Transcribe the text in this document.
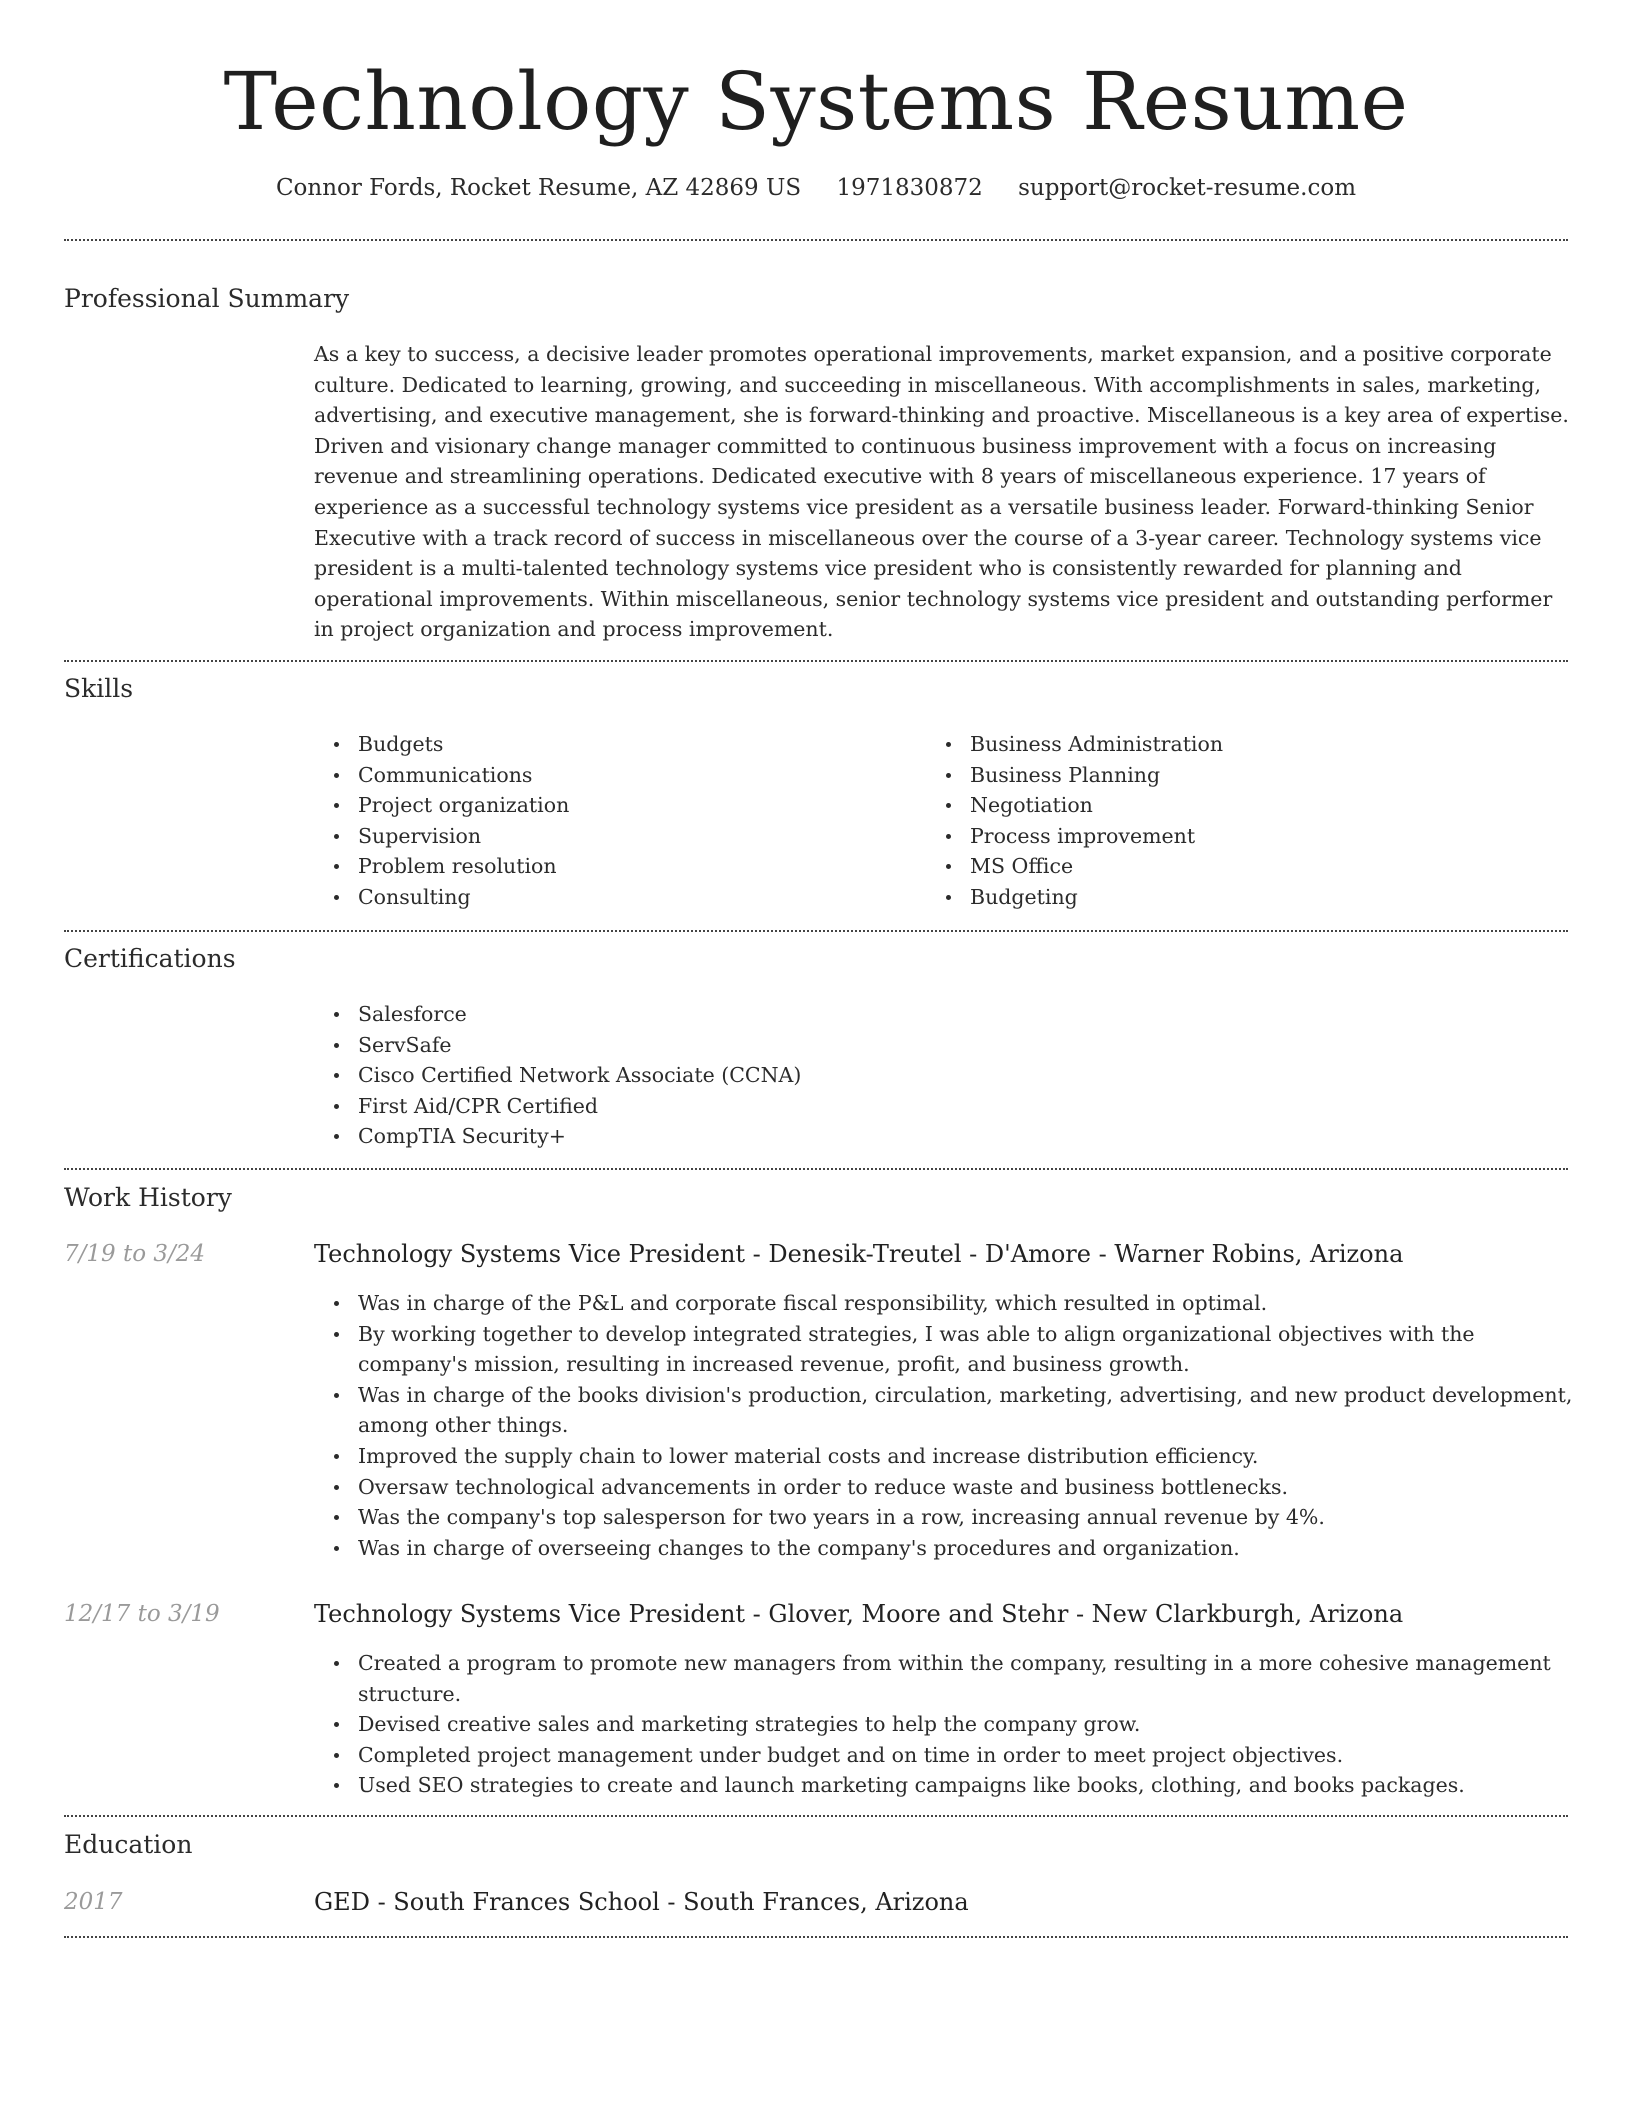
Technology Systems Resume
Connor Fords, Rocket Resume, AZ 42869 US 1971830872 support@rocket-resume.com
Professional Summary

As a key to success, a decisive leader promotes operational improvements, market expansion, and a positive corporate culture. Dedicated to learning, growing, and succeeding in miscellaneous. With accomplishments in sales, marketing, advertising, and executive management, she is forward-thinking and proactive. Miscellaneous is a key area of expertise. Driven and visionary change manager committed to continuous business improvement with a focus on increasing revenue and streamlining operations. Dedicated executive with 8 years of miscellaneous experience. 17 years of experience as a successful technology systems vice president as a versatile business leader. Forward-thinking Senior Executive with a track record of success in miscellaneous over the course of a 3-year career. Technology systems vice president is a multi-talented technology systems vice president who is consistently rewarded for planning and operational improvements. Within miscellaneous, senior technology systems vice president and outstanding performer in project organization and process improvement.

Skills
Budgets
Communications
Project organization
Supervision
Problem resolution
Consulting
Business Administration
Business Planning
Negotiation
Process improvement
MS Office
Budgeting
Certifications
Salesforce
ServSafe
Cisco Certified Network Associate (CCNA)
First Aid/CPR Certified
CompTIA Security+
Work History
7/19 to 3/24	Technology Systems Vice President - Denesik-Treutel - D'Amore - Warner Robins, Arizona
Was in charge of the P&L and corporate fiscal responsibility, which resulted in optimal.
By working together to develop integrated strategies, I was able to align organizational objectives with the company's mission, resulting in increased revenue, profit, and business growth.
Was in charge of the books division's production, circulation, marketing, advertising, and new product development, among other things.
Improved the supply chain to lower material costs and increase distribution efficiency.
Oversaw technological advancements in order to reduce waste and business bottlenecks.
Was the company's top salesperson for two years in a row, increasing annual revenue by 4%.
Was in charge of overseeing changes to the company's procedures and organization.
12/17 to 3/19	Technology Systems Vice President - Glover, Moore and Stehr - New Clarkburgh, Arizona
Created a program to promote new managers from within the company, resulting in a more cohesive management structure.
Devised creative sales and marketing strategies to help the company grow.
Completed project management under budget and on time in order to meet project objectives.
Used SEO strategies to create and launch marketing campaigns like books, clothing, and books packages.
Education
2017	GED - South Frances School - South Frances, Arizona
